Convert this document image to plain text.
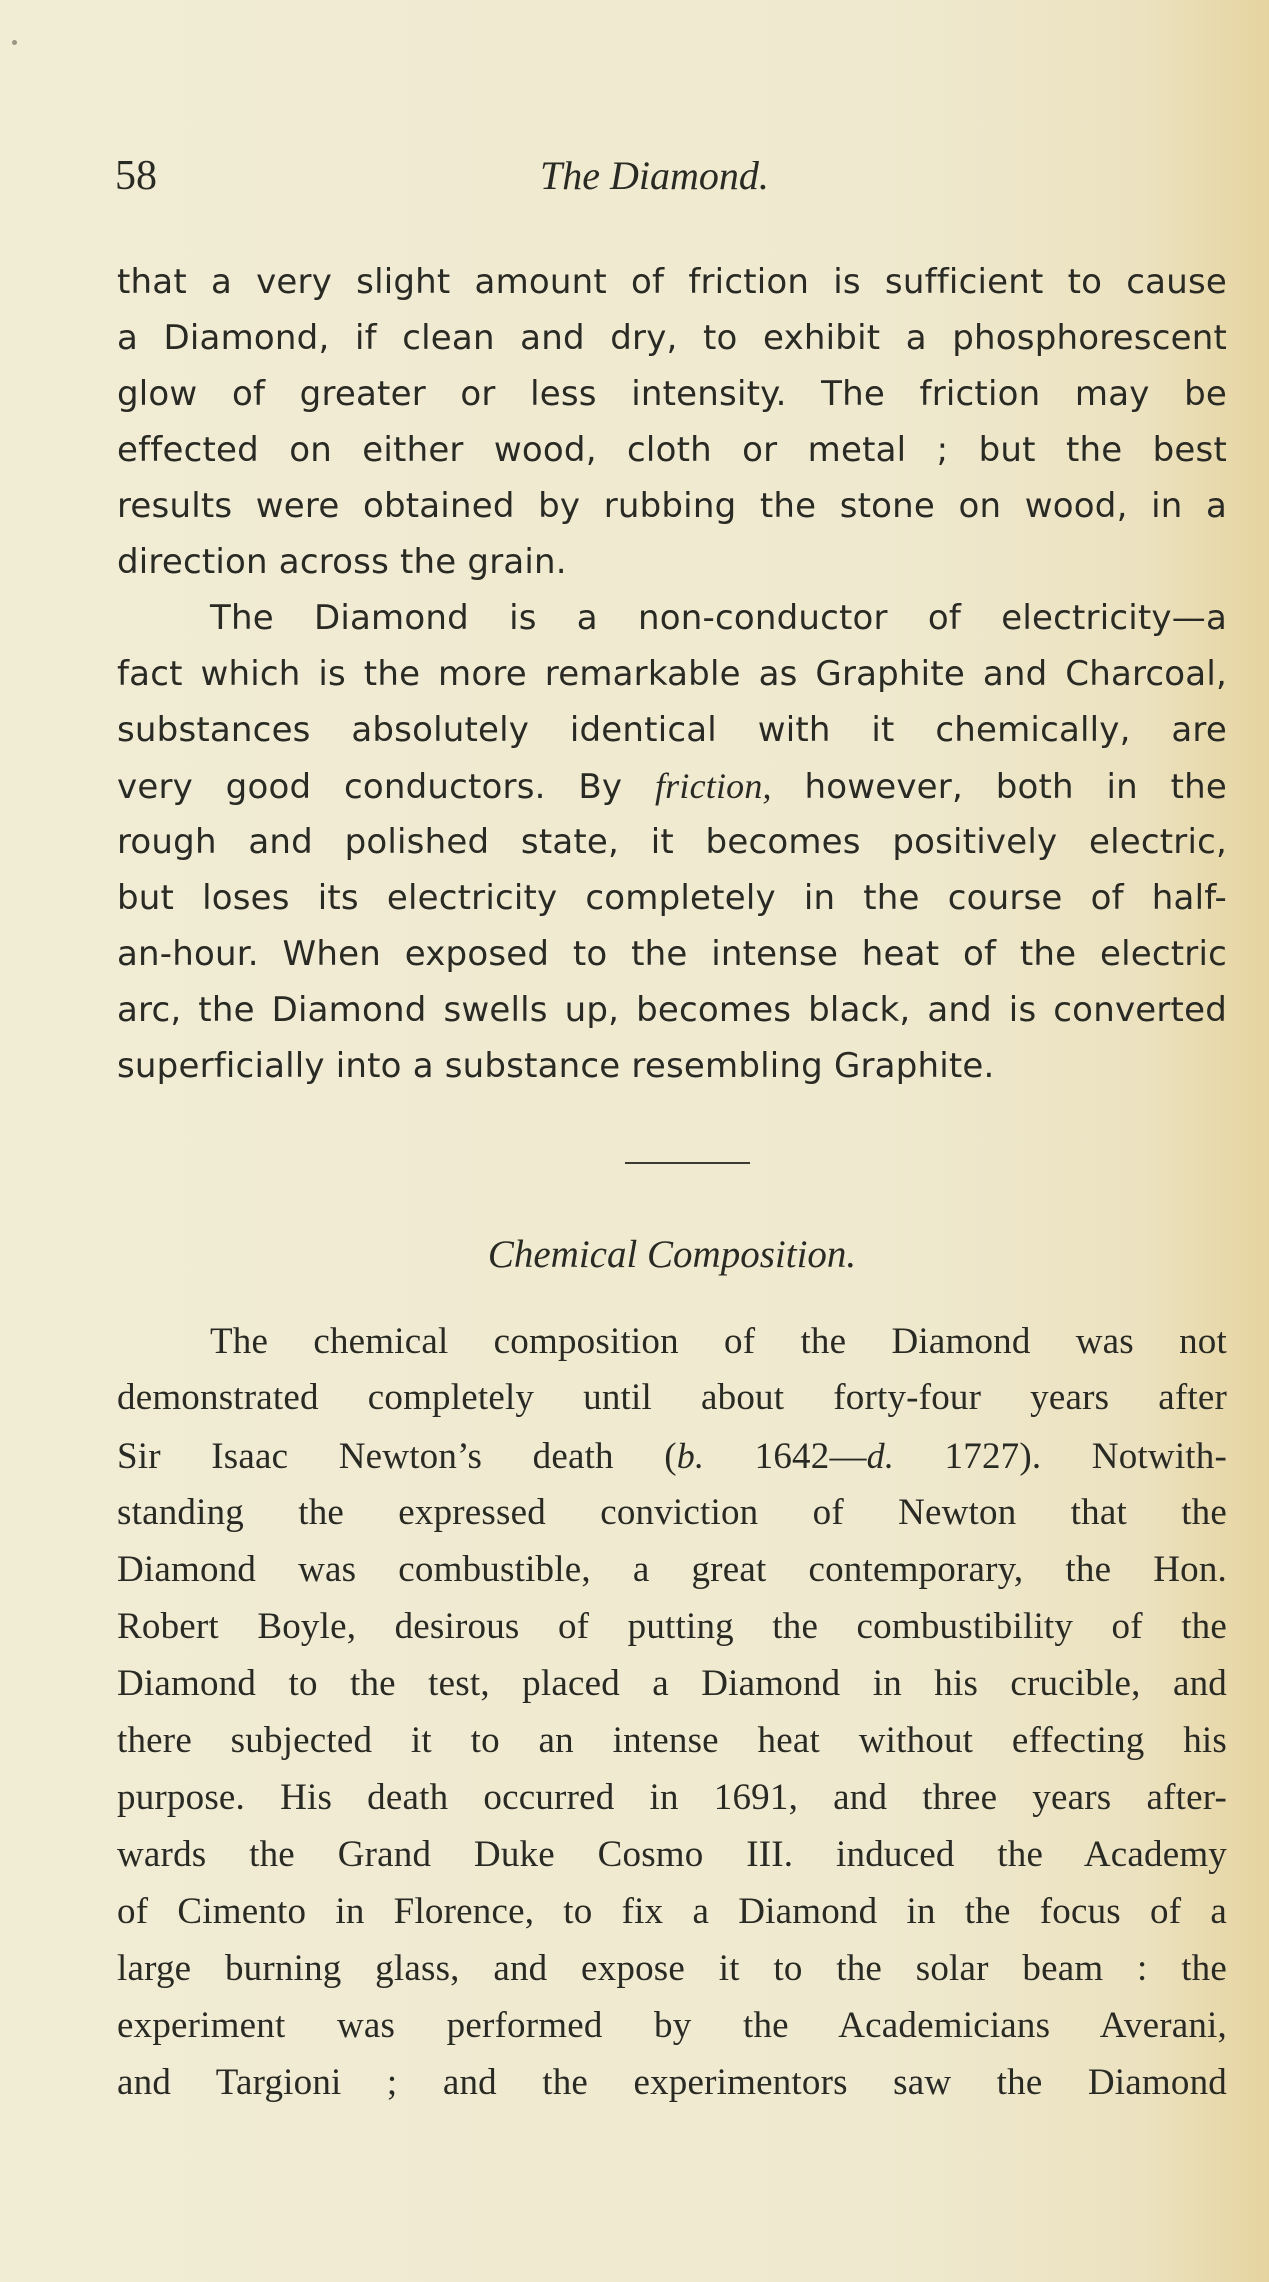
58	The Diamond.
that a very slight amount of friction is sufficient to cause
a Diamond, if clean and dry, to exhibit a phosphorescent
glow of greater or less intensity. The friction may be
effected on either wood, cloth or metal ; but the best
results were obtained by rubbing the stone on wood, in a
direction across the grain.
The Diamond is a non-conductor of electricity—a
fact which is the more remarkable as Graphite and Charcoal,
substances absolutely identical with it chemically, are
very good conductors. By friction, however, both in the
rough and polished state, it becomes positively electric,
but loses its electricity completely in the course of half-
an-hour. When exposed to the intense heat of the electric
arc, the Diamond swells up, becomes black, and is converted
superficially into a substance resembling Graphite.
Chemical Composition.
The chemical composition of the Diamond was not
demonstrated completely until about forty-four years after
Sir Isaac Newton’s death (b. 1642—d. 1727). Notwith-
standing the expressed conviction of Newton that the
Diamond was combustible, a great contemporary, the Hon.
Robert Boyle, desirous of putting the combustibility of the
Diamond to the test, placed a Diamond in his crucible, and
there subjected it to an intense heat without effecting his
purpose. His death occurred in 1691, and three years after-
wards the Grand Duke Cosmo III. induced the Academy
of Cimento in Florence, to fix a Diamond in the focus of a
large burning glass, and expose it to the solar beam : the
experiment was performed by the Academicians Averani,
and Targioni ; and the experimentors saw the Diamond
